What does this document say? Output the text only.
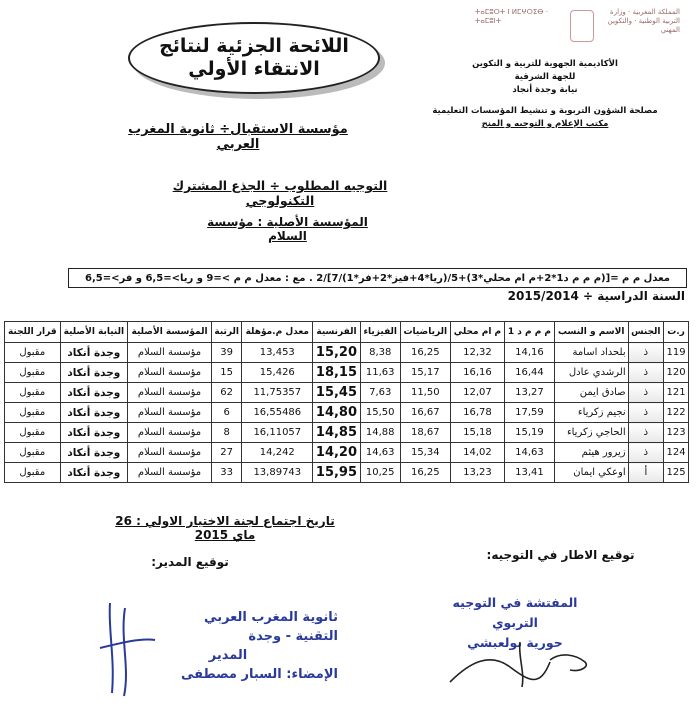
اللائحة الجزئية لنتائج
الانتقاء الأولي
ⵜⴰⵎⵓⵔⵜ ⵏ ⵍⵎⵖⵔⵉⴱ · ⵜⴰⵎⵓⵏⵜ
المملكة المغربية · وزارة التربية الوطنية · والتكوين المهني
الأكاديمية الجهوية للتربية و التكوين
للجهة الشرقية
نيابة وجدة أنجاد
مصلحة الشؤون التربوية و تنشيط المؤسسات التعليمية
مكتب الإعلام و التوجيه و المنح
مؤسسة الاستقبال÷ ثانوية المغرب العربي
التوجيه المطلوب ÷ الجذع المشترك التكنولوجي
المؤسسة الأصلية : مؤسسة السلام
معدل م م =[(م م م د1*2+م ام محلي*3)+5/(ريا*4+فيز*2+فر*1)/7]/2 . مع : معدل م م >=9 و ريا>=6,5 و فر>=6,5
السنة الدراسية ÷ 2015/2014
ر.ت	الجنس	الاسم و النسب	م م م د 1	م ام محلي	الرياضيات	الفيزياء	الفرنسية	معدل م.مؤهلة	الرتبة	المؤسسة الأصلية	النيابة الأصلية	قرار اللجنة
119	ذ	بلحداد اسامة	14,16	12,32	16,25	8,38	15,20	13,453	39	مؤسسة السلام	وجدة أنكاد	مقبول
120	ذ	الرشدي عادل	16,44	16,16	15,17	11,63	18,15	15,426	15	مؤسسة السلام	وجدة أنكاد	مقبول
121	ذ	صادق ايمن	13,27	12,07	11,50	7,63	15,45	11,75357	62	مؤسسة السلام	وجدة أنكاد	مقبول
122	ذ	نجيم زكرياء	17,59	16,78	16,67	15,50	14,80	16,55486	6	مؤسسة السلام	وجدة أنكاد	مقبول
123	ذ	الحاجي زكرياء	15,19	15,18	18,67	14,88	14,85	16,11057	8	مؤسسة السلام	وجدة أنكاد	مقبول
124	ذ	زيرور هيثم	14,63	14,02	15,34	14,63	14,20	14,242	27	مؤسسة السلام	وجدة أنكاد	مقبول
125	أ	اوعكي ايمان	13,41	13,23	16,25	10,25	15,95	13,89743	33	مؤسسة السلام	وجدة أنكاد	مقبول
تاريخ اجتماع لجنة الاختيار الاولي : 26 ماي 2015
توقيع المدير:	توقيع الاطار في التوجيه:
ثانوية المغرب العربي
التقنية - وجدة
المدير
الإمضاء: السبار مصطفى
المفتشة في التوجيه التربوي
حورية بولعبشي
